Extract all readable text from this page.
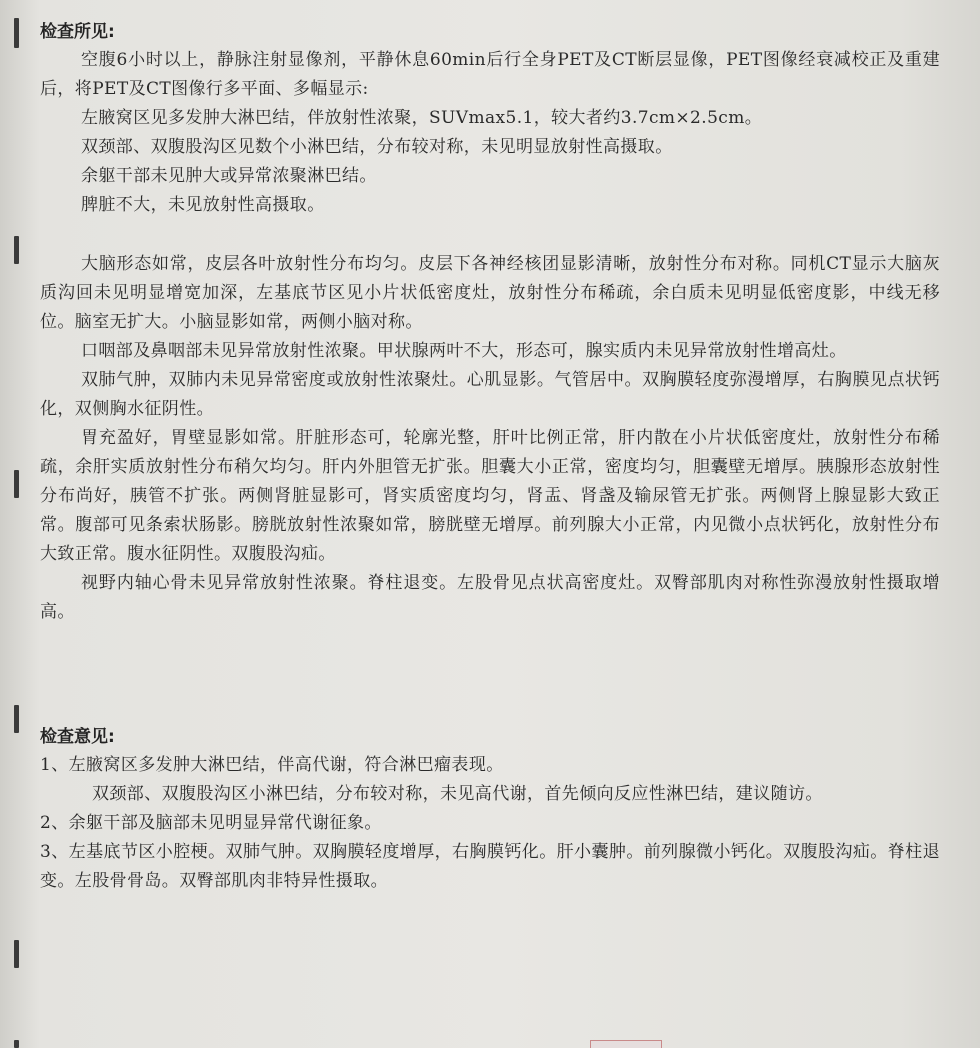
检查所见:

空腹6小时以上，静脉注射显像剂，平静休息60min后行全身PET及CT断层显像，PET图像经衰减校正及重建后，将PET及CT图像行多平面、多幅显示:

左腋窝区见多发肿大淋巴结，伴放射性浓聚，SUVmax5.1，较大者约3.7cm×2.5cm。

双颈部、双腹股沟区见数个小淋巴结，分布较对称，未见明显放射性高摄取。

余躯干部未见肿大或异常浓聚淋巴结。

脾脏不大，未见放射性高摄取。

大脑形态如常，皮层各叶放射性分布均匀。皮层下各神经核团显影清晰，放射性分布对称。同机CT显示大脑灰质沟回未见明显增宽加深，左基底节区见小片状低密度灶，放射性分布稀疏，余白质未见明显低密度影，中线无移位。脑室无扩大。小脑显影如常，两侧小脑对称。

口咽部及鼻咽部未见异常放射性浓聚。甲状腺两叶不大，形态可，腺实质内未见异常放射性增高灶。

双肺气肿，双肺内未见异常密度或放射性浓聚灶。心肌显影。气管居中。双胸膜轻度弥漫增厚，右胸膜见点状钙化，双侧胸水征阴性。

胃充盈好，胃壁显影如常。肝脏形态可，轮廓光整，肝叶比例正常，肝内散在小片状低密度灶，放射性分布稀疏，余肝实质放射性分布稍欠均匀。肝内外胆管无扩张。胆囊大小正常，密度均匀，胆囊壁无增厚。胰腺形态放射性分布尚好，胰管不扩张。两侧肾脏显影可，肾实质密度均匀，肾盂、肾盏及输尿管无扩张。两侧肾上腺显影大致正常。腹部可见条索状肠影。膀胱放射性浓聚如常，膀胱壁无增厚。前列腺大小正常，内见微小点状钙化，放射性分布大致正常。腹水征阴性。双腹股沟疝。

视野内轴心骨未见异常放射性浓聚。脊柱退变。左股骨见点状高密度灶。双臀部肌肉对称性弥漫放射性摄取增高。

检查意见:

1、左腋窝区多发肿大淋巴结，伴高代谢，符合淋巴瘤表现。

双颈部、双腹股沟区小淋巴结，分布较对称，未见高代谢，首先倾向反应性淋巴结，建议随访。

2、余躯干部及脑部未见明显异常代谢征象。

3、左基底节区小腔梗。双肺气肿。双胸膜轻度增厚，右胸膜钙化。肝小囊肿。前列腺微小钙化。双腹股沟疝。脊柱退变。左股骨骨岛。双臀部肌肉非特异性摄取。
